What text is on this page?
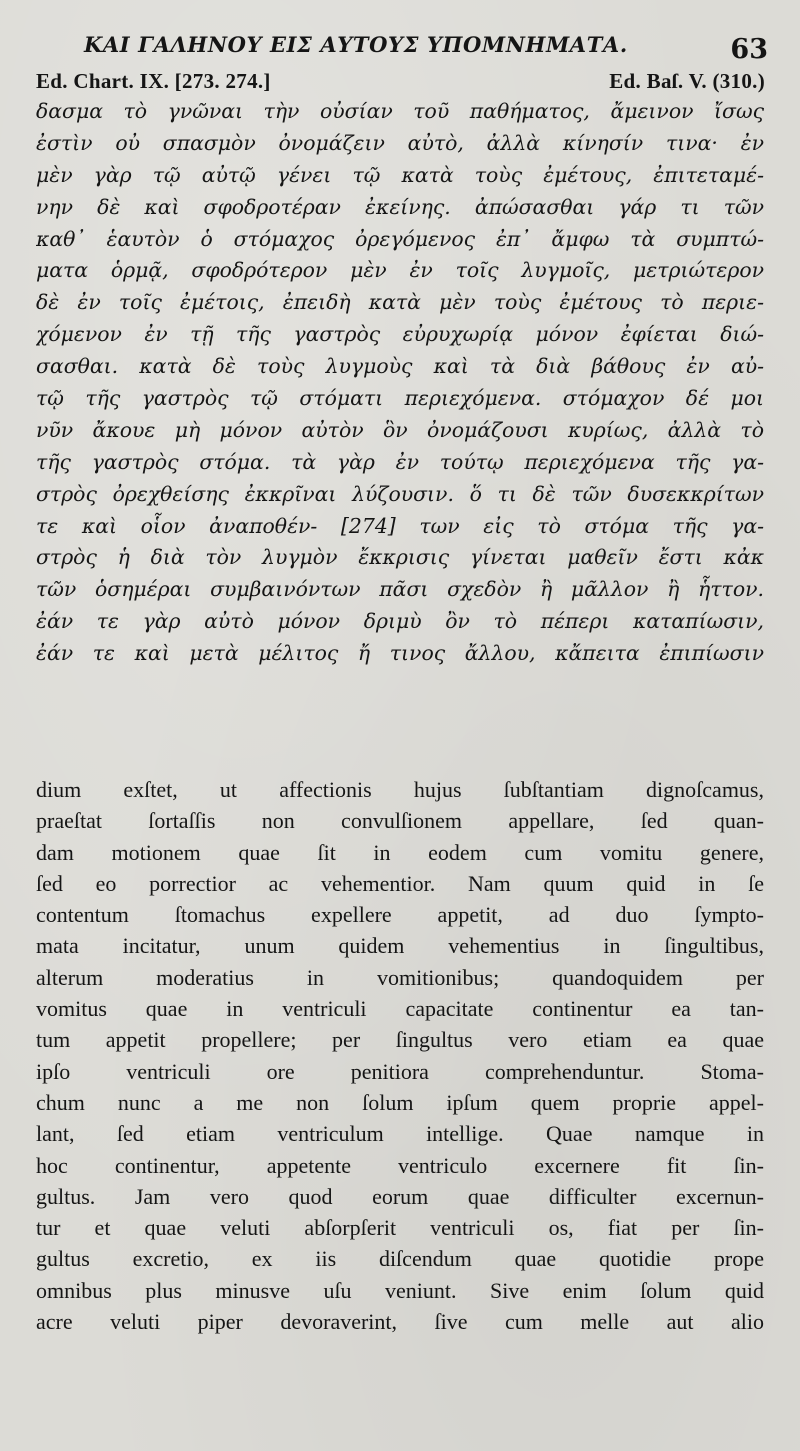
ΚΑΙ ΓΑΛΗΝΟΥ ΕΙΣ ΑΥΤΟΥΣ ΥΠΟΜΝΗΜΑΤΑ.	63
Ed. Chart. IX. [273. 274.]	Ed. Baſ. V. (310.)
δασμα τὸ γνῶναι τὴν οὐσίαν τοῦ παθήματος, ἄμεινον ἴσως
ἐστὶν οὐ σπασμὸν ὀνομάζειν αὐτὸ, ἀλλὰ κίνησίν τινα· ἐν
μὲν γὰρ τῷ αὐτῷ γένει τῷ κατὰ τοὺς ἐμέτους, ἐπιτεταμέ-
νην δὲ καὶ σφοδροτέραν ἐκείνης. ἀπώσασθαι γάρ τι τῶν
καθ᾽ ἑαυτὸν ὁ στόμαχος ὀρεγόμενος ἐπ᾽ ἄμφω τὰ συμπτώ-
ματα ὁρμᾷ, σφοδρότερον μὲν ἐν τοῖς λυγμοῖς, μετριώτερον
δὲ ἐν τοῖς ἐμέτοις, ἐπειδὴ κατὰ μὲν τοὺς ἐμέτους τὸ περιε-
χόμενον ἐν τῇ τῆς γαστρὸς εὐρυχωρίᾳ μόνον ἐφίεται διώ-
σασθαι. κατὰ δὲ τοὺς λυγμοὺς καὶ τὰ διὰ βάθους ἐν αὐ-
τῷ τῆς γαστρὸς τῷ στόματι περιεχόμενα. στόμαχον δέ μοι
νῦν ἄκουε μὴ μόνον αὐτὸν ὃν ὀνομάζουσι κυρίως, ἀλλὰ τὸ
τῆς γαστρὸς στόμα. τὰ γὰρ ἐν τούτῳ περιεχόμενα τῆς γα-
στρὸς ὀρεχθείσης ἐκκρῖναι λύζουσιν. ὅ τι δὲ τῶν δυσεκκρίτων
τε καὶ οἷον ἀναποθέν- [274] των εἰς τὸ στόμα τῆς γα-
στρὸς ἡ διὰ τὸν λυγμὸν ἔκκρισις γίνεται μαθεῖν ἔστι κἀκ
τῶν ὁσημέραι συμβαινόντων πᾶσι σχεδὸν ἢ μᾶλλον ἢ ἧττον.
ἐάν τε γὰρ αὐτὸ μόνον δριμὺ ὂν τὸ πέπερι καταπίωσιν,
ἐάν τε καὶ μετὰ μέλιτος ἤ τινος ἄλλου, κἄπειτα ἐπιπίωσιν
dium exſtet, ut affectionis hujus ſubſtantiam dignoſcamus,
praeſtat ſortaſſis non convulſionem appellare, ſed quan-
dam motionem quae ſit in eodem cum vomitu genere,
ſed eo porrectior ac vehementior. Nam quum quid in ſe
contentum ſtomachus expellere appetit, ad duo ſympto-
mata incitatur, unum quidem vehementius in ſingultibus,
alterum moderatius in vomitionibus; quandoquidem per
vomitus quae in ventriculi capacitate continentur ea tan-
tum appetit propellere; per ſingultus vero etiam ea quae
ipſo ventriculi ore penitiora comprehenduntur. Stoma-
chum nunc a me non ſolum ipſum quem proprie appel-
lant, ſed etiam ventriculum intellige. Quae namque in
hoc continentur, appetente ventriculo excernere fit ſin-
gultus. Jam vero quod eorum quae difficulter excernun-
tur et quae veluti abſorpſerit ventriculi os, fiat per ſin-
gultus excretio, ex iis diſcendum quae quotidie prope
omnibus plus minusve uſu veniunt. Sive enim ſolum quid
acre veluti piper devoraverint, ſive cum melle aut alio
